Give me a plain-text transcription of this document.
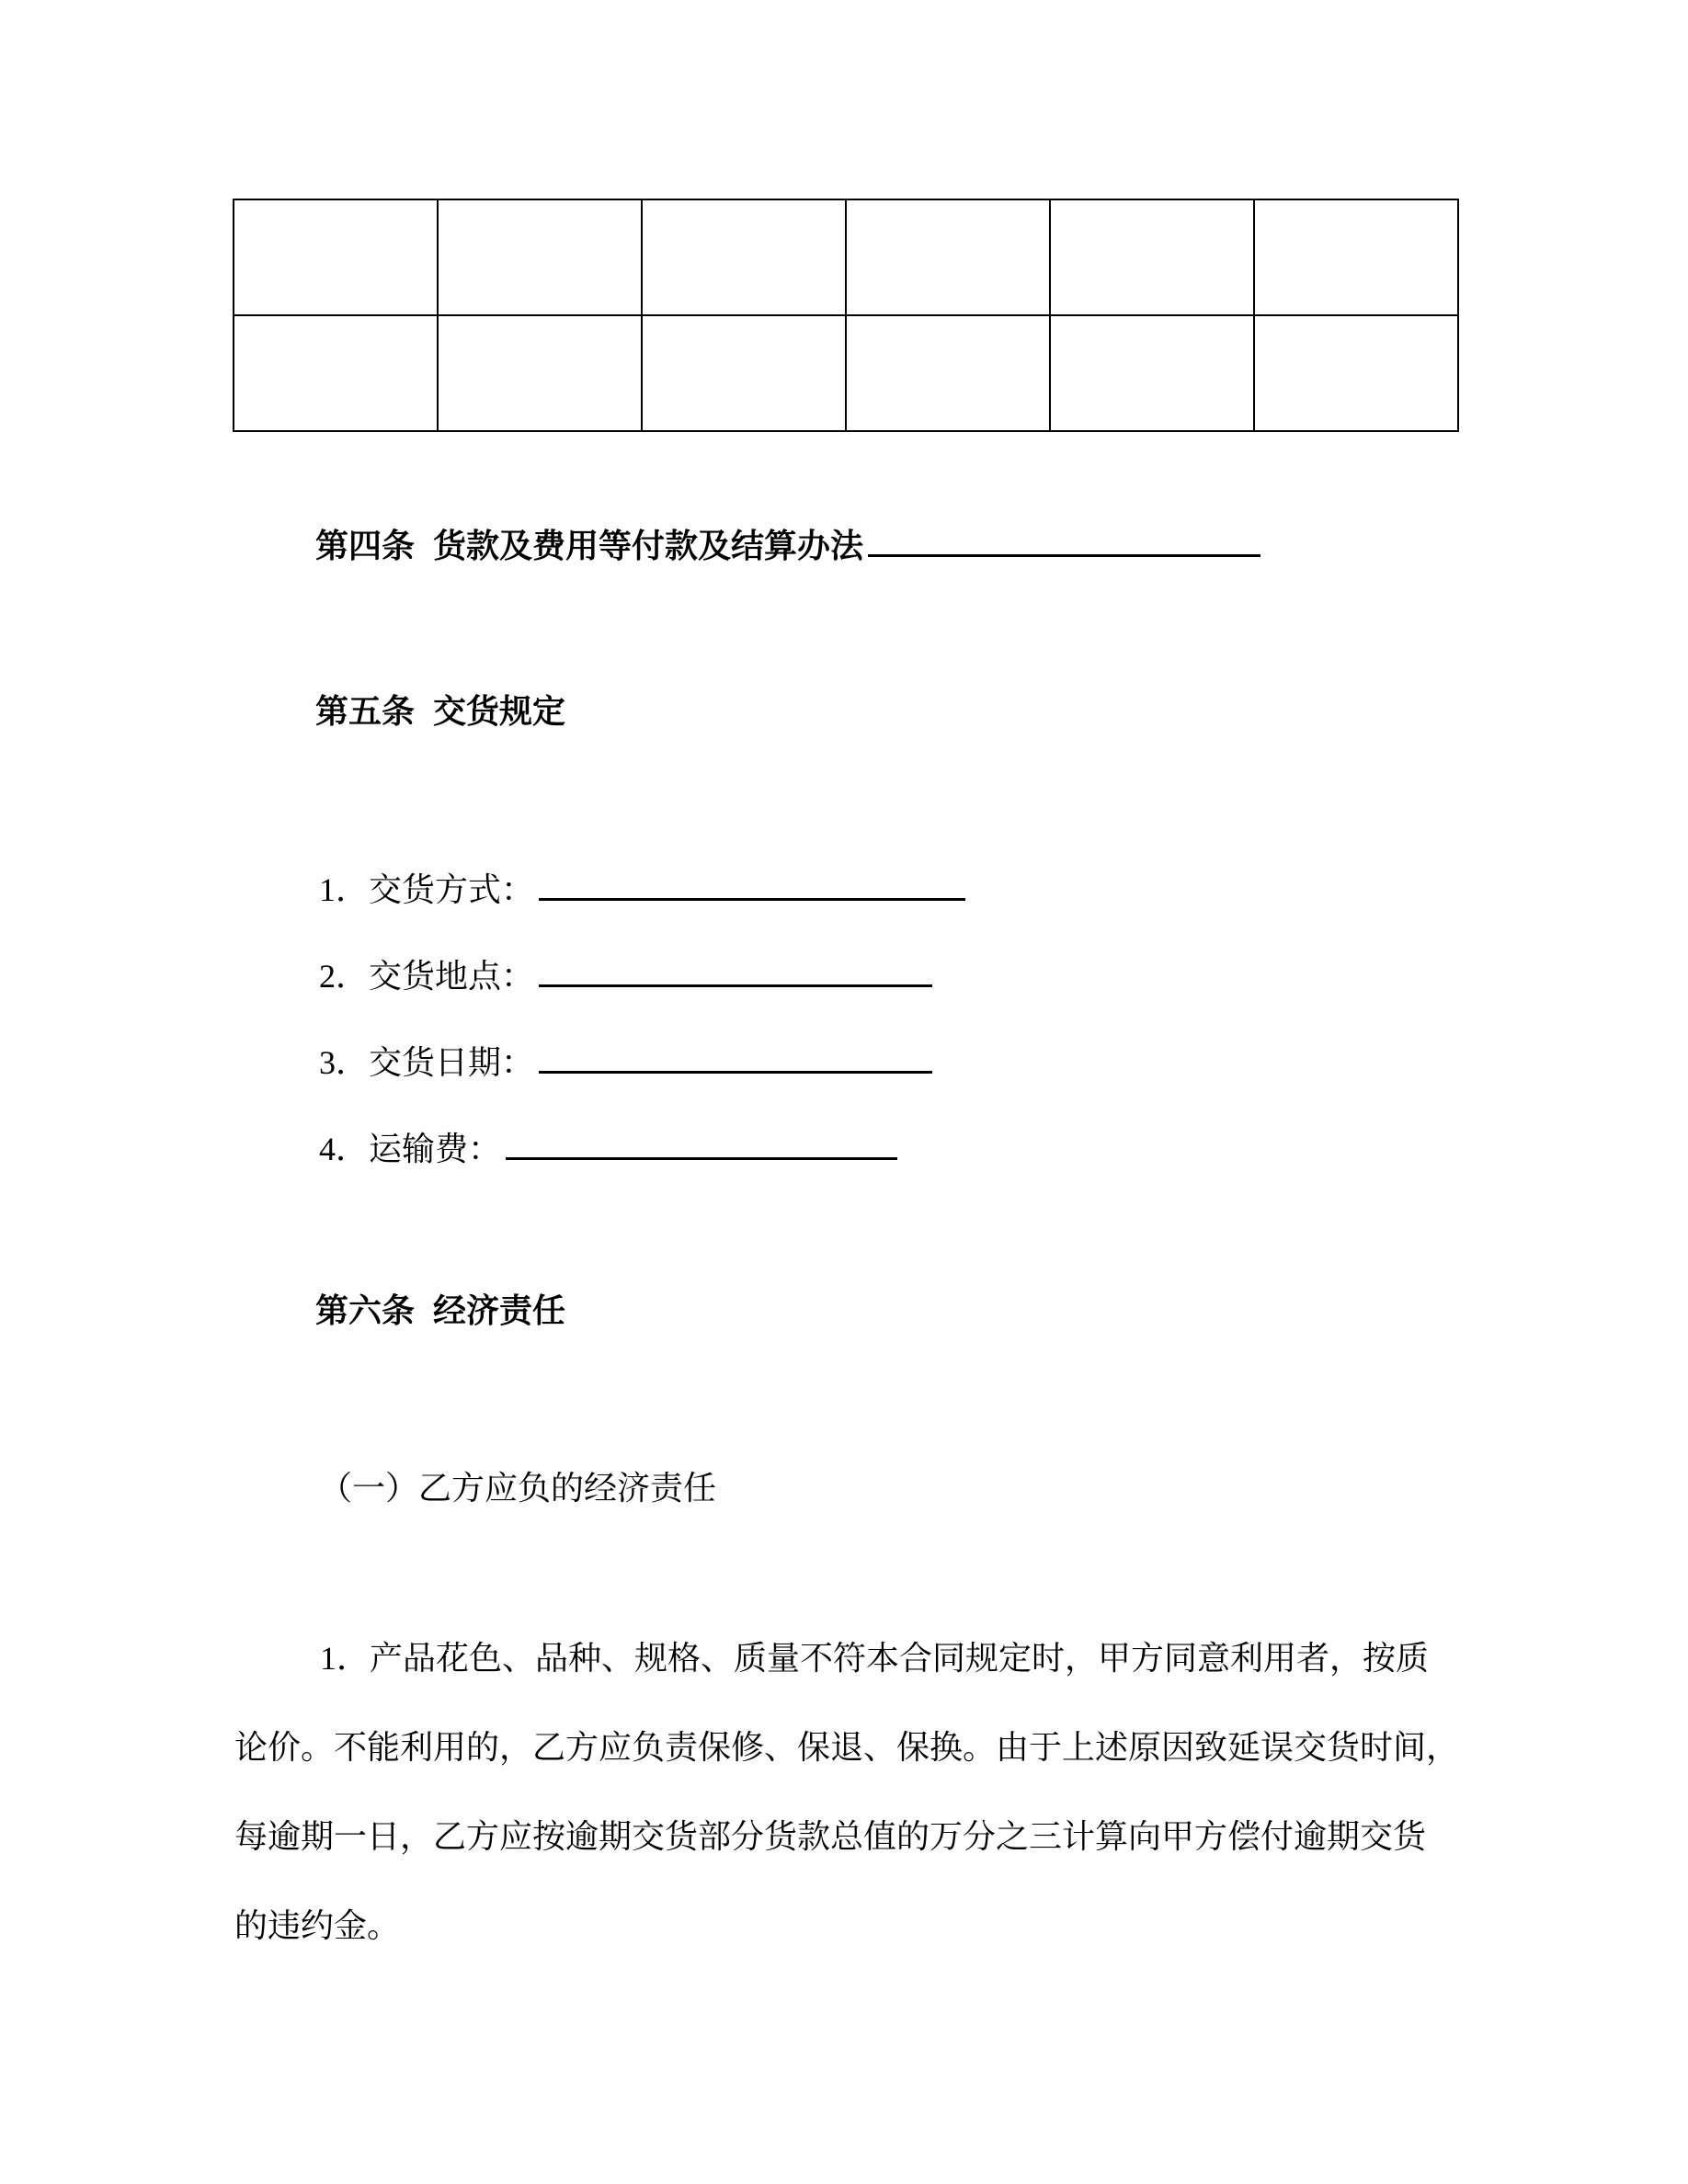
第四条 货款及费用等付款及结算办法
第五条 交货规定
1．交货方式：
2．交货地点：
3．交货日期：
4．运输费：
第六条 经济责任
（一）乙方应负的经济责任
1．产品花色、品种、规格、质量不符本合同规定时，甲方同意利用者，按质
论价。不能利用的，乙方应负责保修、保退、保换。由于上述原因致延误交货时间，
每逾期一日，乙方应按逾期交货部分货款总值的万分之三计算向甲方偿付逾期交货
的违约金。
